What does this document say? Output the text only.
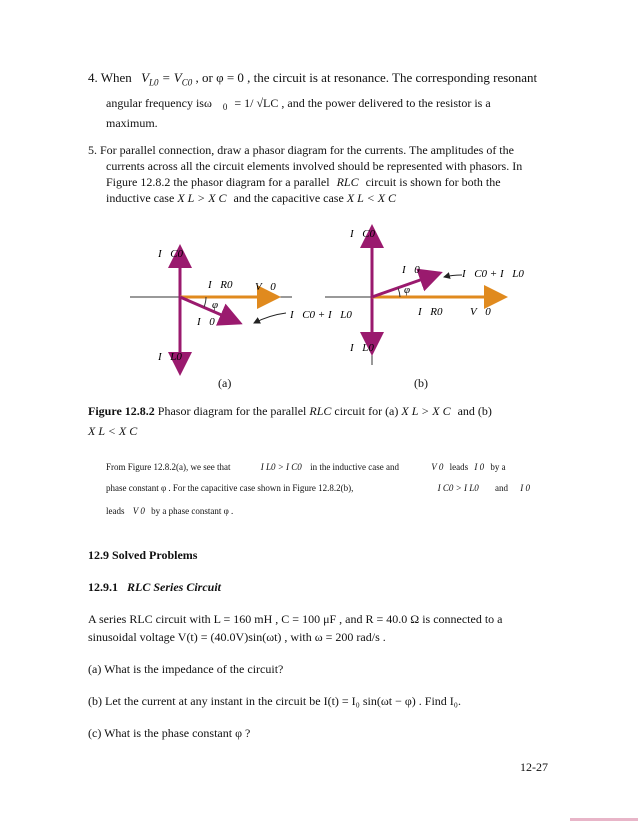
4. When $V_{L0} = V_{C0}$ , or φ = 0 , the circuit is at resonance. The corresponding resonant
angular frequency isω $_0$ = 1/ √LC , and the power delivered to the resistor is a
maximum.
5. For parallel connection, draw a phasor diagram for the currents. The amplitudes of the
currents across all the circuit elements involved should be represented with phasors. In
Figure 12.8.2 the phasor diagram for a parallel RLC circuit is shown for both the
inductive case X L > X C and the capacitive case X L < X C
I⃗C0
I⃗R0 V⃗0
φ
I⃗0
I⃗C0 + I⃗L0
I⃗L0
I⃗C0
I⃗0	I⃗C0 + I⃗L0
φ
I⃗R0	V⃗0
I⃗L0
(a)	(b)
Figure 12.8.2 Phasor diagram for the parallel RLC circuit for (a) X L > X C and (b)
X L < X C
From Figure 12.8.2(a), we see that	I L0 > I C0 in the inductive case and	V 0 leads I 0 by a
phase constant φ . For the capacitive case shown in Figure 12.8.2(b),	I C0 > I L0 and I 0
leads V 0 by a phase constant φ .
12.9 Solved Problems
12.9.1 RLC Series Circuit
A series RLC circuit with L = 160 mH , C = 100 μF , and R = 40.0 Ω is connected to a
sinusoidal voltage V(t) = (40.0V)sin(ωt) , with ω = 200 rad/s .
(a) What is the impedance of the circuit?
(b) Let the current at any instant in the circuit be I(t) = I₀ sin(ωt − φ) . Find I₀.
(c) What is the phase constant φ ?
12-27
